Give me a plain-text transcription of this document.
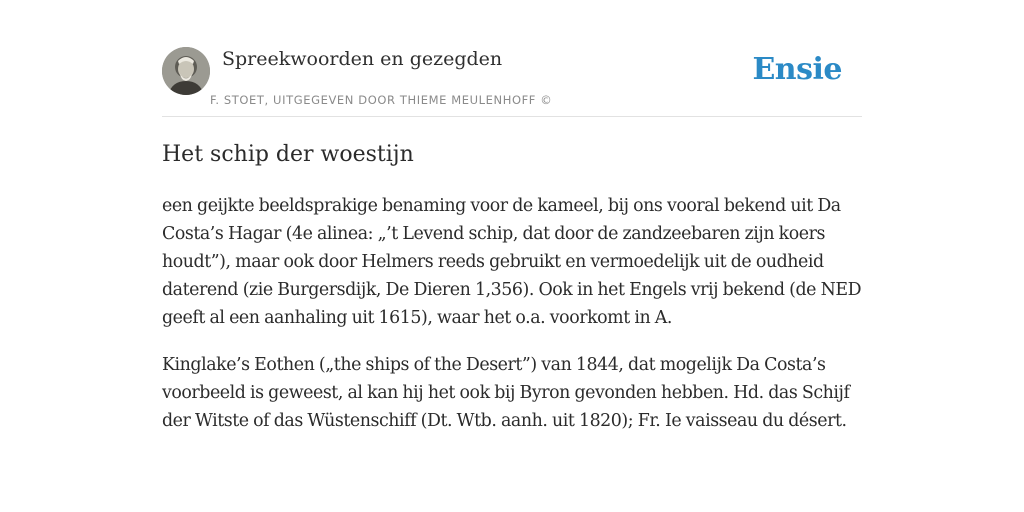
Spreekwoorden en gezegden
F. STOET, UITGEGEVEN DOOR THIEME MEULENHOFF ©
Ensie
Het schip der woestijn

een geijkte beeldsprakige benaming voor de kameel, bij ons vooral bekend uit Da Costa’s Hagar (4e alinea: „’t Levend schip, dat door de zandzeebaren zijn koers houdt”), maar ook door Helmers reeds gebruikt en vermoedelijk uit de oudheid daterend (zie Burgersdijk, De Dieren 1,356). Ook in het Engels vrij bekend (de NED geeft al een aanhaling uit 1615), waar het o.a. voorkomt in A.

Kinglake’s Eothen („the ships of the Desert”) van 1844, dat mogelijk Da Costa’s voorbeeld is geweest, al kan hij het ook bij Byron gevonden hebben. Hd. das Schijf der Witste of das Wüstenschiff (Dt. Wtb. aanh. uit 1820); Fr. Ie vaisseau du désert.
